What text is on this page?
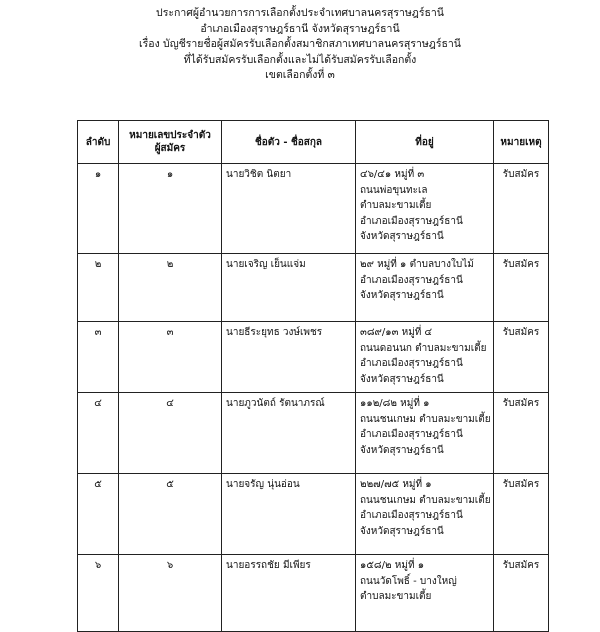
ประกาศผู้อำนวยการการเลือกตั้งประจำเทศบาลนครสุราษฎร์ธานี
อำเภอเมืองสุราษฎร์ธานี จังหวัดสุราษฎร์ธานี
เรื่อง บัญชีรายชื่อผู้สมัครรับเลือกตั้งสมาชิกสภาเทศบาลนครสุราษฎร์ธานี
ที่ได้รับสมัครรับเลือกตั้งและไม่ได้รับสมัครรับเลือกตั้ง
เขตเลือกตั้งที่ ๓
ลำดับ	หมายเลขประจำตัว
ผู้สมัคร	ชื่อตัว - ชื่อสกุล	ที่อยู่	หมายเหตุ
๑	๑	นายวิชิต นิตยา	๔๖/๔๑ หมู่ที่ ๓
ถนนพ่อขุนทะเล
ตำบลมะขามเตี้ย
อำเภอเมืองสุราษฎร์ธานี
จังหวัดสุราษฎร์ธานี	รับสมัคร
๒	๒	นายเจริญ เย็นแจ่ม	๒๙ หมู่ที่ ๑ ตำบลบางใบไม้
อำเภอเมืองสุราษฎร์ธานี
จังหวัดสุราษฎร์ธานี	รับสมัคร
๓	๓	นายธีระยุทธ วงษ์เพชร	๓๘๙/๑๓ หมู่ที่ ๔
ถนนดอนนก ตำบลมะขามเตี้ย
อำเภอเมืองสุราษฎร์ธานี
จังหวัดสุราษฎร์ธานี	รับสมัคร
๔	๔	นายภูวนัตถ์ รัตนาภรณ์	๑๑๒/๘๒ หมู่ที่ ๑
ถนนชนเกษม ตำบลมะขามเตี้ย
อำเภอเมืองสุราษฎร์ธานี
จังหวัดสุราษฎร์ธานี	รับสมัคร
๕	๕	นายจรัญ นุ่นอ่อน	๒๒๗/๗๕ หมู่ที่ ๑
ถนนชนเกษม ตำบลมะขามเตี้ย
อำเภอเมืองสุราษฎร์ธานี
จังหวัดสุราษฎร์ธานี	รับสมัคร
๖	๖	นายอรรถชัย มีเพียร	๑๕๘/๒ หมู่ที่ ๑
ถนนวัดโพธิ์ - บางใหญ่
ตำบลมะขามเตี้ย	รับสมัคร
